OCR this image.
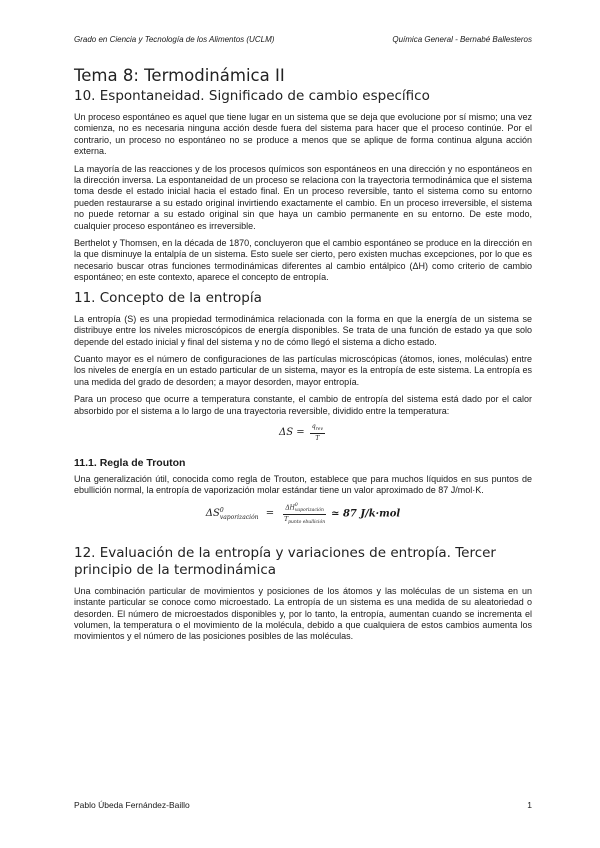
Grado en Ciencia y Tecnología de los Alimentos (UCLM)	Química General - Bernabé Ballesteros
Tema 8: Termodinámica II
10. Espontaneidad. Significado de cambio específico

Un proceso espontáneo es aquel que tiene lugar en un sistema que se deja que evolucione por sí mismo; una vez comienza, no es necesaria ninguna acción desde fuera del sistema para hacer que el proceso continúe. Por el contrario, un proceso no espontáneo no se produce a menos que se aplique de forma continua alguna acción externa.

La mayoría de las reacciones y de los procesos químicos son espontáneos en una dirección y no espontáneos en la dirección inversa. La espontaneidad de un proceso se relaciona con la trayectoria termodinámica que el sistema toma desde el estado inicial hacia el estado final. En un proceso reversible, tanto el sistema como su entorno pueden restaurarse a su estado original invirtiendo exactamente el cambio. En un proceso irreversible, el sistema no puede retornar a su estado original sin que haya un cambio permanente en su entorno. De este modo, cualquier proceso espontáneo es irreversible.

Berthelot y Thomsen, en la década de 1870, concluyeron que el cambio espontáneo se produce en la dirección en la que disminuye la entalpía de un sistema. Esto suele ser cierto, pero existen muchas excepciones, por lo que es necesario buscar otras funciones termodinámicas diferentes al cambio entálpico (ΔH) como criterio de cambio espontáneo; en este contexto, aparece el concepto de entropía.

11. Concepto de la entropía

La entropía (S) es una propiedad termodinámica relacionada con la forma en que la energía de un sistema se distribuye entre los niveles microscópicos de energía disponibles. Se trata de una función de estado ya que solo depende del estado inicial y final del sistema y no de cómo llegó el sistema a dicho estado.

Cuanto mayor es el número de configuraciones de las partículas microscópicas (átomos, iones, moléculas) entre los niveles de energía en un estado particular de un sistema, mayor es la entropía de este sistema. La entropía es una medida del grado de desorden; a mayor desorden, mayor entropía.

Para un proceso que ocurre a temperatura constante, el cambio de entropía del sistema está dado por el calor absorbido por el sistema a lo largo de una trayectoria reversible, dividido entre la temperatura:

$\Delta S = \frac{q_{rev}}{T}$
11.1. Regla de Trouton

Una generalización útil, conocida como regla de Trouton, establece que para muchos líquidos en sus puntos de ebullición normal, la entropía de vaporización molar estándar tiene un valor aproximado de 87 J/mol·K.

ΔS 0
vaporización = ΔH 0
vaporización
$T_{punto ebullición}$ ≃ 87 J/k·mol
12. Evaluación de la entropía y variaciones de entropía. Tercer principio de la termodinámica

Una combinación particular de movimientos y posiciones de los átomos y las moléculas de un sistema en un instante particular se conoce como microestado. La entropía de un sistema es una medida de su aleatoriedad o desorden. El número de microestados disponibles y, por lo tanto, la entropía, aumentan cuando se incrementa el volumen, la temperatura o el movimiento de la molécula, debido a que cualquiera de estos cambios aumenta los movimientos y el número de las posiciones posibles de las moléculas.

Pablo Úbeda Fernández-Baillo	1
